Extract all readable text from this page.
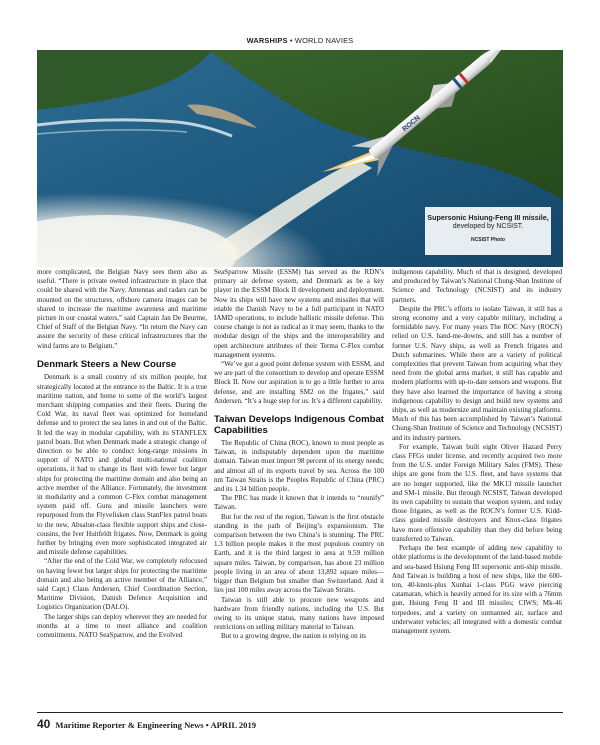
WARSHIPS • WORLD NAVIES
ROCN
Supersonic Hsiung-Feng III missile,
developed by NCSIST.
NCSIST Photo

more complicated, the Belgian Navy sees them also as useful. “There is private owned infrastructure in place that could be shared with the Navy. Antennas and radars can be mounted on the structures, offshore camera images can be shared to increase the maritime awareness and maritime picture in our coastal waters,” said Captain Jan De Beurme, Chief of Staff of the Belgian Navy. “In return the Navy can assure the security of these critical infrastructures that the wind farms are to Belgium.”

Denmark Steers a New Course

Denmark is a small country of six million people, but strategically located at the entrance to the Baltic. It is a true maritime nation, and home to some of the world’s largest merchant shipping companies and their fleets. During the Cold War, its naval fleet was optimized for homeland defense and to protect the sea lanes in and out of the Baltic. It led the way in modular capability, with its STANFLEX patrol boats. But when Denmark made a strategic change of direction to be able to conduct long-range missions in support of NATO and global multi-national coalition operations, it had to change its fleet with fewer but larger ships for protecting the maritime domain and also being an active member of the Alliance. Fortunately, the investment in modularity and a common C-Flex combat management system paid off. Guns and missile launchers were repurposed from the Flyvefisken class StanFlex patrol boats to the new, Absalon-class flexible support ships and close-cousins, the Iver Huitfeldt frigates. Now, Denmark is going further by bringing even more sophisticated integrated air and missile defense capabilities.

“After the end of the Cold War, we completely refocused on having fewer but larger ships for protecting the maritime domain and also being an active member of the Alliance,” said Capt.) Claus Andersen, Chief Coordination Section, Maritime Division, Danish Defence Acquisition and Logistics Organization (DALO).

The larger ships can deploy wherever they are needed for months at a time to meet alliance and coalition commitments. NATO SeaSparrow, and the Evolved

SeaSparrow Missile (ESSM) has served as the RDN’s primary air defense system, and Denmark as be a key player in the ESSM Block II development and deployment. Now its ships will have new systems and missiles that will enable the Danish Navy to be a full participant in NATO IAMD operations, to include ballistic missile defense. This course change is not as radical as it may seem, thanks to the modular design of the ships and the interoperability and open architecture attributes of their Terma C-Flex combat management systems.

“We’ve got a good point defense system with ESSM, and we are part of the consortium to develop and operate ESSM Block II. Now our aspiration is to go a little further to area defense, and are installing SM2 on the frigates,” said Andersen. “It’s a huge step for us. It’s a different capability.

Taiwan Develops Indigenous Combat Capabilities

The Republic of China (ROC), known to most people as Taiwan, in indisputably dependent upon the maritime domain. Taiwan must import 98 percent of its energy needs; and almost all of its exports travel by sea. Across the 100 nm Taiwan Straits is the Peoples Republic of China (PRC) and its 1.34 billion people.

The PRC has made it known that it intends to “reunify” Taiwan.

But for the rest of the region, Taiwan is the first obstacle standing in the path of Beijing’s expansionism. The comparison between the two China’s is stunning. The PRC 1.3 billion people makes it the most populous country on Earth, and it is the third largest in area at 9.59 million square miles. Taiwan, by comparison, has about 23 million people living in an area of about 13,892 square miles—bigger than Belgium but smaller than Switzerland. And it lies just 100 miles away across the Taiwan Straits.

Taiwan is still able to procure new weapons and hardware from friendly nations, including the U.S. But owing to its unique status, many nations have imposed restrictions on selling military material to Taiwan.

But to a growing degree, the nation is relying on its

indigenous capability. Much of that is designed, developed and produced by Taiwan’s National Chung-Shan Institute of Science and Technology (NCSIST) and its industry partners.

Despite the PRC’s efforts to isolate Taiwan, it still has a strong economy and a very capable military, including a formidable navy. For many years The ROC Navy (ROCN) relied on U.S. hand-me-downs, and still has a number of former U.S. Navy ships, as well as French frigates and Dutch submarines. While there are a variety of political complexities that prevent Taiwan from acquiring what they need from the global arms market, it still has capable and modern platforms with up-to-date sensors and weapons. But they have also learned the importance of having a strong indigenous capability to design and build new systems and ships, as well as modernize and maintain existing platforms. Much of this has been accomplished by Taiwan’s National Chung-Shan Institute of Science and Technology (NCSIST) and its industry partners.

For example, Taiwan built eight Oliver Hazard Perry class FFGs under license, and recently acquired two more from the U.S. under Foreign Military Sales (FMS). These ships are gone from the U.S. fleet, and have systems that are no longer supported, like the MK13 missile launcher and SM-1 missile. But through NCSIST, Taiwan developed its own capability to sustain that weapon system, and today those frigates, as well as the ROCN’s former U.S. Kidd-class guided missile destroyers and Knox-class frigates have more offensive capability than they did before being transferred to Taiwan.

Perhaps the best example of adding new capability to older platforms is the development of the land-based mobile and sea-based Hsiung Feng III supersonic anti-ship missile. And Taiwan is building a host of new ships, like the 600-ton, 40-knots-plus Xunhai 1-class PGG wave piercing catamaran, which is heavily armed for its size with a 76mm gun, Hsiung Feng II and III missiles; CIWS; Mk-46 torpedoes, and a variety on unmanned air, surface and underwater vehicles; all integrated with a domestic combat management system.

40 Maritime Reporter & Engineering News • APRIL 2019
